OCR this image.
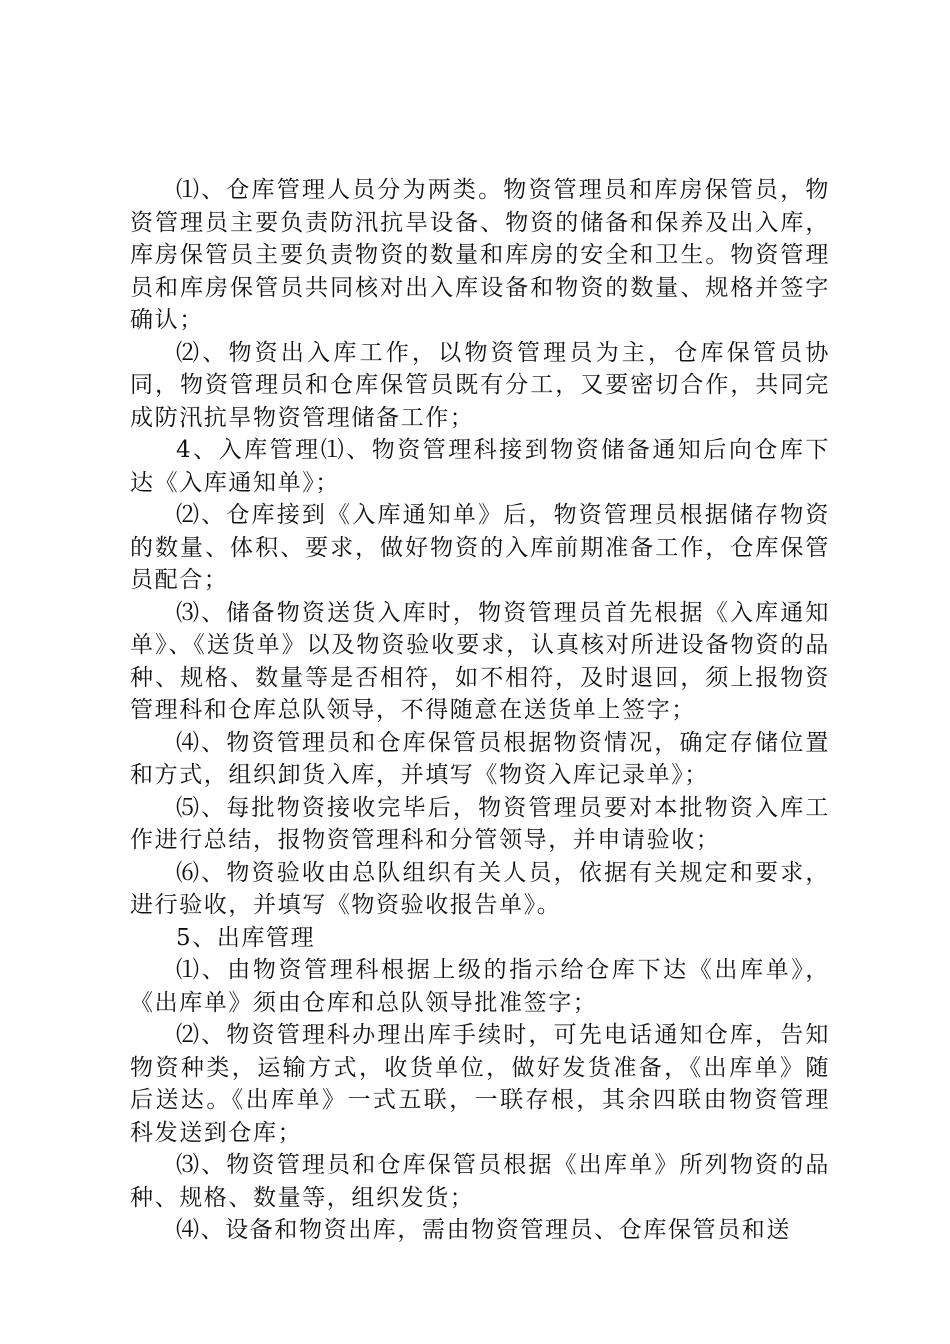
⑴、仓库管理人员分为两类。物资管理员和库房保管员，物资管理员主要负责防汛抗旱设备、物资的储备和保养及出入库，库房保管员主要负责物资的数量和库房的安全和卫生。物资管理员和库房保管员共同核对出入库设备和物资的数量、规格并签字确认；

⑵、物资出入库工作，以物资管理员为主，仓库保管员协同，物资管理员和仓库保管员既有分工，又要密切合作，共同完成防汛抗旱物资管理储备工作；

4、入库管理⑴、物资管理科接到物资储备通知后向仓库下达《入库通知单》；

⑵、仓库接到《入库通知单》后，物资管理员根据储存物资的数量、体积、要求，做好物资的入库前期准备工作，仓库保管员配合；

⑶、储备物资送货入库时，物资管理员首先根据《入库通知单》、《送货单》以及物资验收要求，认真核对所进设备物资的品种、规格、数量等是否相符，如不相符，及时退回，须上报物资管理科和仓库总队领导，不得随意在送货单上签字；

⑷、物资管理员和仓库保管员根据物资情况，确定存储位置和方式，组织卸货入库，并填写《物资入库记录单》；

⑸、每批物资接收完毕后，物资管理员要对本批物资入库工作进行总结，报物资管理科和分管领导，并申请验收；

⑹、物资验收由总队组织有关人员，依据有关规定和要求，进行验收，并填写《物资验收报告单》。

5、出库管理

⑴、由物资管理科根据上级的指示给仓库下达《出库单》，《出库单》须由仓库和总队领导批准签字；

⑵、物资管理科办理出库手续时，可先电话通知仓库，告知物资种类，运输方式，收货单位，做好发货准备，《出库单》随后送达。《出库单》一式五联，一联存根，其余四联由物资管理科发送到仓库；

⑶、物资管理员和仓库保管员根据《出库单》所列物资的品种、规格、数量等，组织发货；

⑷、设备和物资出库，需由物资管理员、仓库保管员和送
